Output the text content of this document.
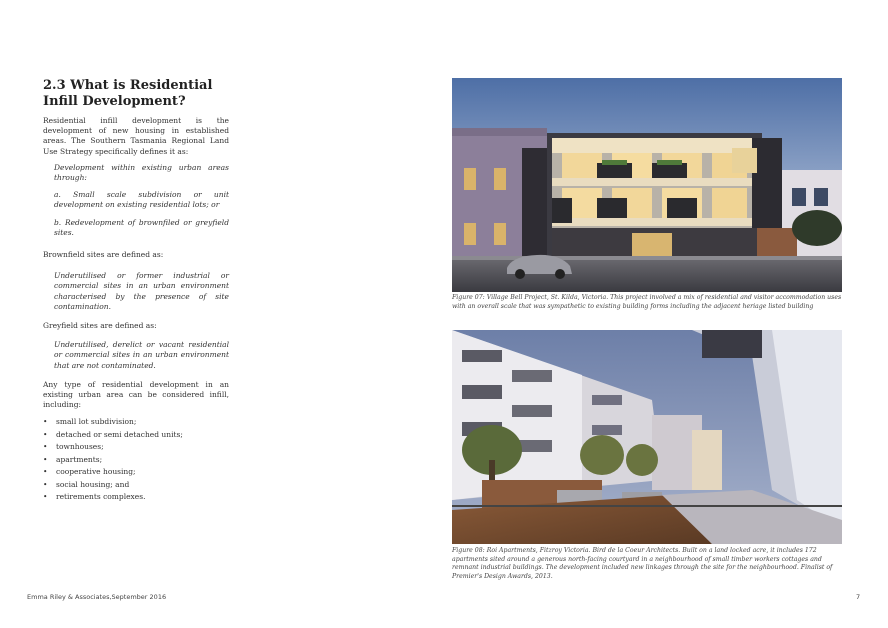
2.3 What is Residential Infill Development?

Residential infill development is the development of new housing in established areas. The Southern Tasmania Regional Land Use Strategy specifically defines it as:

Development within existing urban areas through:

a. Small scale subdivision or unit development on existing residential lots; or

b. Redevelopment of brownfiled or greyfield sites.

Brownfield sites are defined as:

Underutilised or former industrial or commercial sites in an urban environment characterised by the presence of site contamination.

Greyfield sites are defined as:

Underutilised, derelict or vacant residential or commercial sites in an urban environment that are not contaminated.

Any type of residential development in an existing urban area can be considered infill, including:

• small lot subdivision;
• detached or semi detached units;
• townhouses;
• apartments;
• cooperative housing;
• social housing; and
• retirements complexes.
Figure 07: Village Bell Project, St. Kilda, Victoria. This project involved a mix of residential and visitor accommodation uses with an overall scale that was sympathetic to existing building forms including the adjacent heriage listed building
Figure 08: Roi Apartments, Fitzroy Victoria. Bird de la Coeur Architects. Built on a land locked acre, it includes 172 apartments sited around a generous north-facing courtyard in a neighbourhood of small timber workers cottages and remnant industrial buildings. The development included new linkages through the site for the neighbourhood. Finalist of Premier's Design Awards, 2013.
Emma Riley & Associates,September 2016	7
